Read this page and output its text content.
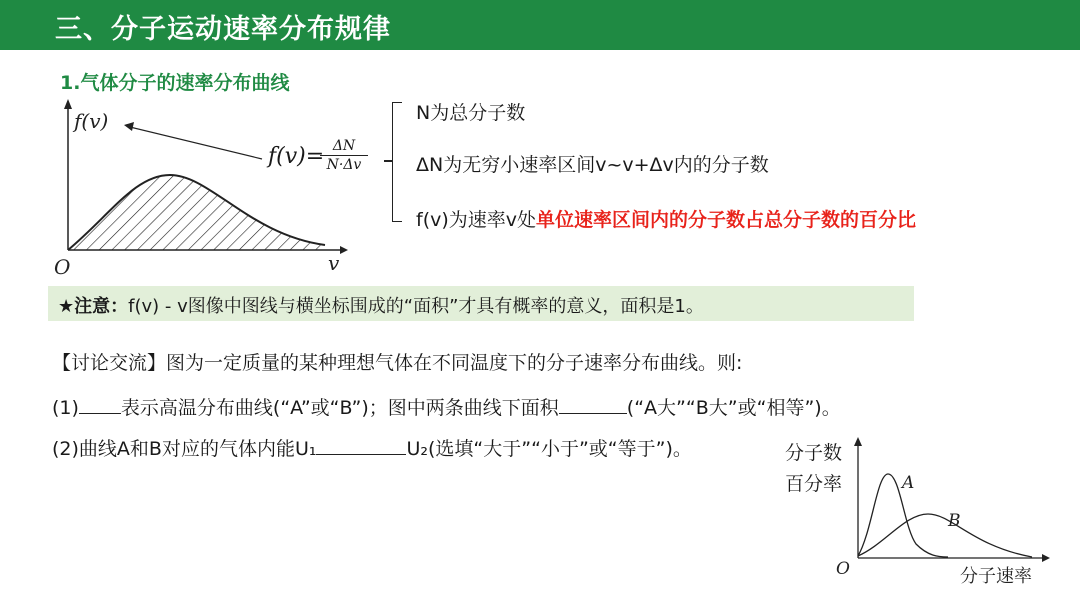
三、分子运动速率分布规律
1.气体分子的速率分布曲线
f(v)
v
O
f(v)=
$\frac{\Delta N}{N\cdot\Delta v}$
N为总分子数
ΔN为无穷小速率区间v~v+Δv内的分子数
f(v)为速率v处单位速率区间内的分子数占总分子数的百分比
★注意：f(v) - v图像中图线与横坐标围成的“面积”才具有概率的意义，面积是1。
【讨论交流】图为一定质量的某种理想气体在不同温度下的分子速率分布曲线。则:
(1) 表示高温分布曲线(“A”或“B”)；图中两条曲线下面积	(“A大”“B大”或“相等”)。
(2)曲线A和B对应的气体内能U₁	U₂(选填“大于”“小于”或“等于”)。	分子数
百分率	A
B
O	分子速率
